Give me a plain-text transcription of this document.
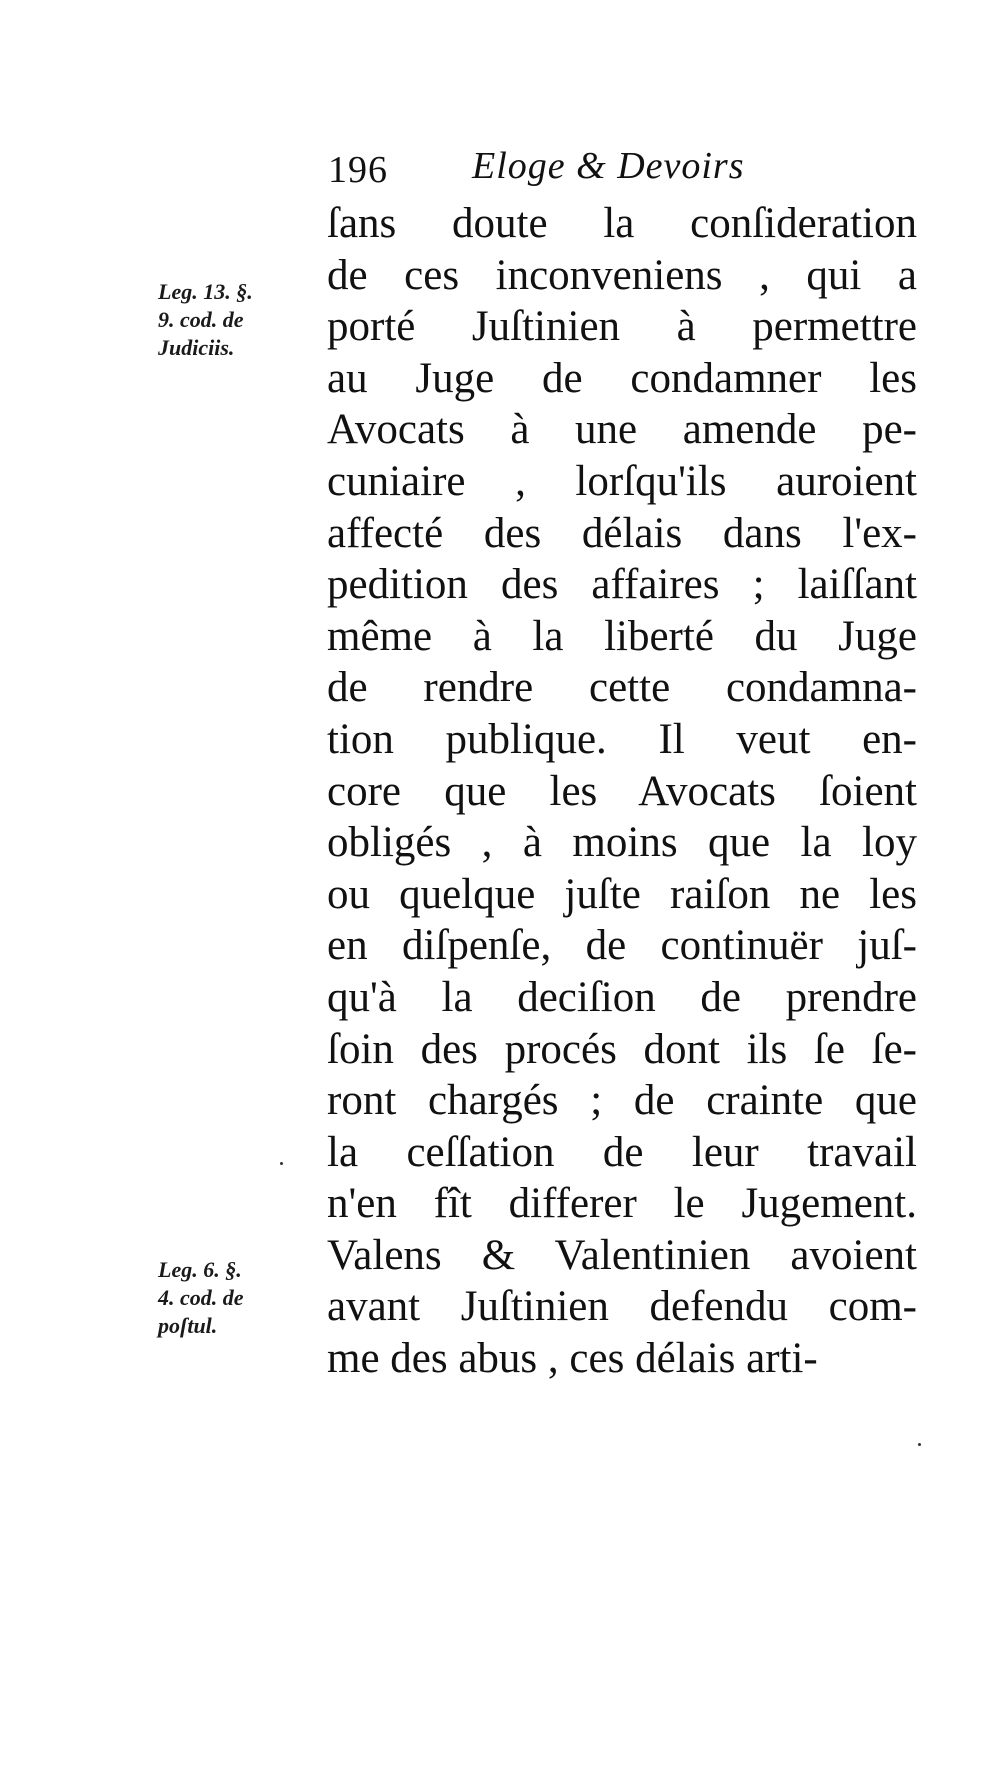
196 Eloge & Devoirs
Leg. 13. §.
9. cod. de
Judiciis.
Leg. 6. §.
4. cod. de
poſtul.
ſans doute la conſideration
de ces inconveniens , qui a
porté Juſtinien à permettre
au Juge de condamner les
Avocats à une amende pe-
cuniaire , lorſqu'ils auroient
affecté des délais dans l'ex-
pedition des affaires ; laiſſant
même à la liberté du Juge
de rendre cette condamna-
tion publique. Il veut en-
core que les Avocats ſoient
obligés , à moins que la loy
ou quelque juſte raiſon ne les
en diſpenſe, de continuër juſ-
qu'à la deciſion de prendre
ſoin des procés dont ils ſe ſe-
ront chargés ; de crainte que
la ceſſation de leur travail
n'en fît differer le Jugement.
Valens & Valentinien avoient
avant Juſtinien defendu com-
me des abus , ces délais arti-
